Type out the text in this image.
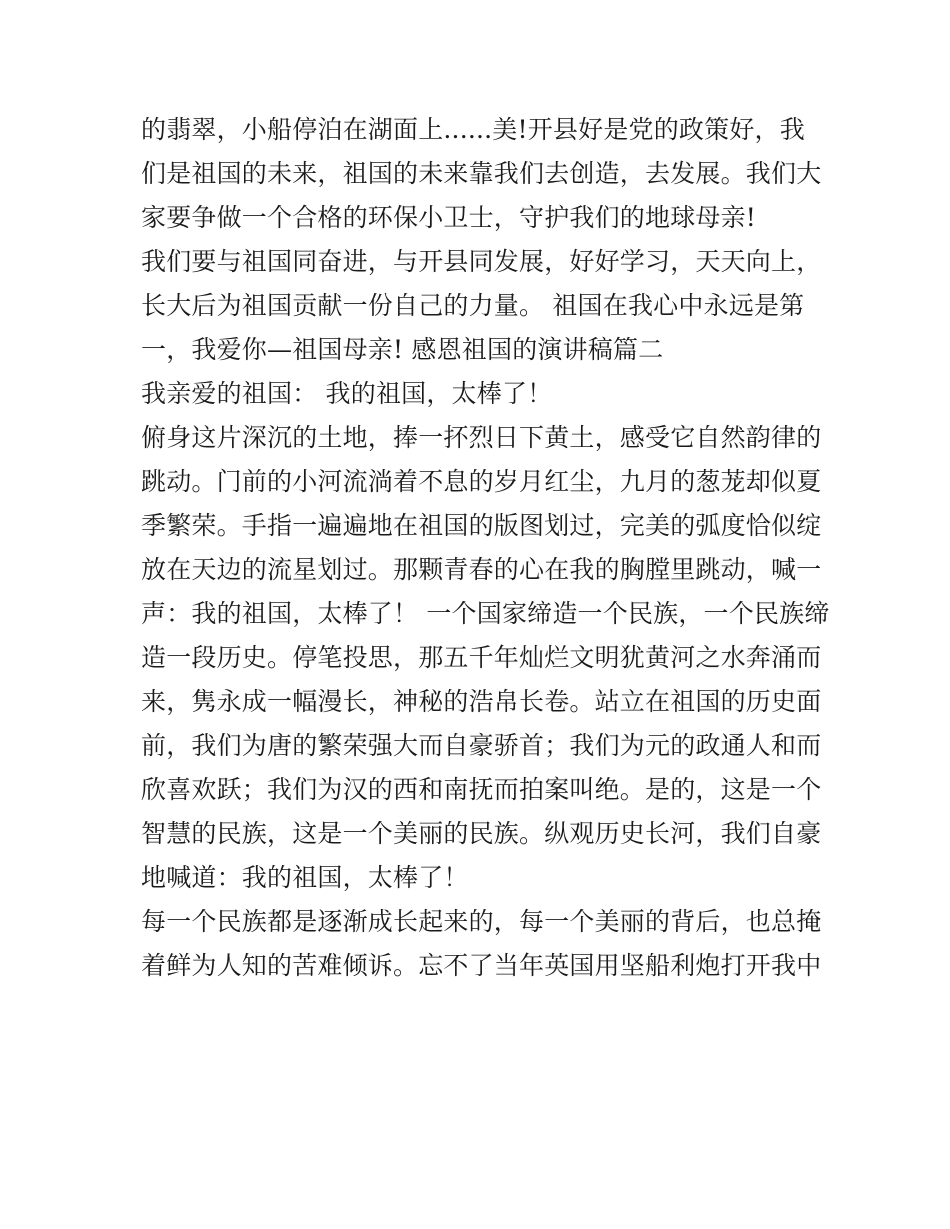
的翡翠，小船停泊在湖面上......美!开县好是党的政策好，我
们是祖国的未来，祖国的未来靠我们去创造，去发展。我们大
家要争做一个合格的环保小卫士，守护我们的地球母亲!
我们要与祖国同奋进，与开县同发展，好好学习，天天向上，
长大后为祖国贡献一份自己的力量。 祖国在我心中永远是第
一，我爱你—祖国母亲! 感恩祖国的演讲稿篇二
我亲爱的祖国： 我的祖国，太棒了！
俯身这片深沉的土地，捧一抔烈日下黄土，感受它自然韵律的
跳动。门前的小河流淌着不息的岁月红尘，九月的葱茏却似夏
季繁荣。手指一遍遍地在祖国的版图划过，完美的弧度恰似绽
放在天边的流星划过。那颗青春的心在我的胸膛里跳动，喊一
声：我的祖国，太棒了！ 一个国家缔造一个民族，一个民族缔
造一段历史。停笔投思，那五千年灿烂文明犹黄河之水奔涌而
来，隽永成一幅漫长，神秘的浩帛长卷。站立在祖国的历史面
前，我们为唐的繁荣强大而自豪骄首；我们为元的政通人和而
欣喜欢跃；我们为汉的西和南抚而拍案叫绝。是的，这是一个
智慧的民族，这是一个美丽的民族。纵观历史长河，我们自豪
地喊道：我的祖国，太棒了！
每一个民族都是逐渐成长起来的，每一个美丽的背后，也总掩
着鲜为人知的苦难倾诉。忘不了当年英国用坚船利炮打开我中
